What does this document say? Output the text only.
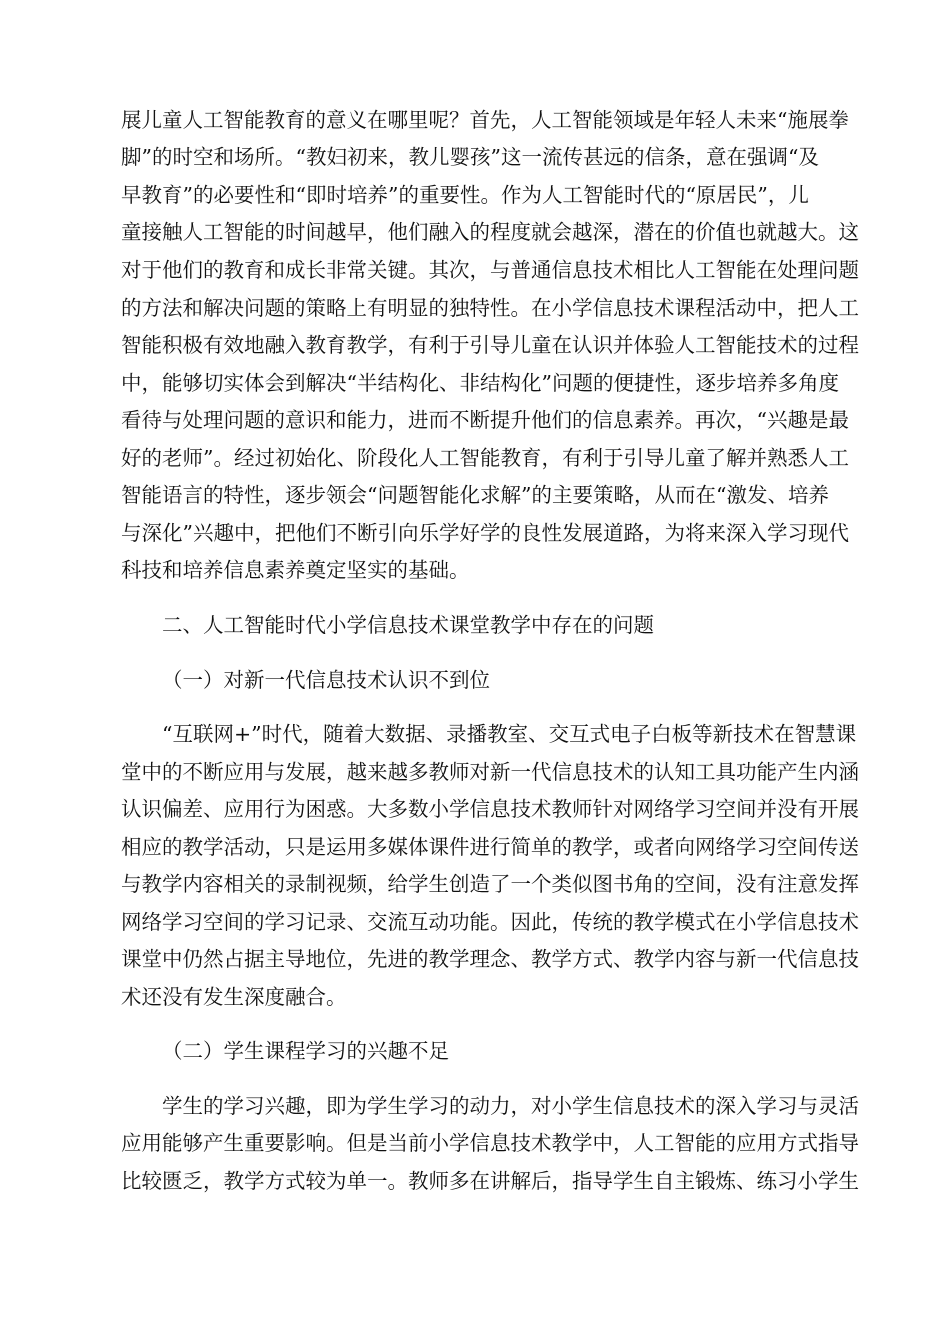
展儿童人工智能教育的意义在哪里呢？首先，人工智能领域是年轻人未来“施展拳

脚”的时空和场所。“教妇初来，教儿婴孩”这一流传甚远的信条，意在强调“及

早教育”的必要性和“即时培养”的重要性。作为人工智能时代的“原居民”，儿

童接触人工智能的时间越早，他们融入的程度就会越深，潜在的价值也就越大。这

对于他们的教育和成长非常关键。其次，与普通信息技术相比人工智能在处理问题

的方法和解决问题的策略上有明显的独特性。在小学信息技术课程活动中，把人工

智能积极有效地融入教育教学，有利于引导儿童在认识并体验人工智能技术的过程

中，能够切实体会到解决“半结构化、非结构化”问题的便捷性，逐步培养多角度

看待与处理问题的意识和能力，进而不断提升他们的信息素养。再次，“兴趣是最

好的老师”。经过初始化、阶段化人工智能教育，有利于引导儿童了解并熟悉人工

智能语言的特性，逐步领会“问题智能化求解”的主要策略，从而在“激发、培养

与深化”兴趣中，把他们不断引向乐学好学的良性发展道路，为将来深入学习现代

科技和培养信息素养奠定坚实的基础。

二、人工智能时代小学信息技术课堂教学中存在的问题

（一）对新一代信息技术认识不到位

“互联网+”时代，随着大数据、录播教室、交互式电子白板等新技术在智慧课

堂中的不断应用与发展，越来越多教师对新一代信息技术的认知工具功能产生内涵

认识偏差、应用行为困惑。大多数小学信息技术教师针对网络学习空间并没有开展

相应的教学活动，只是运用多媒体课件进行简单的教学，或者向网络学习空间传送

与教学内容相关的录制视频，给学生创造了一个类似图书角的空间，没有注意发挥

网络学习空间的学习记录、交流互动功能。因此，传统的教学模式在小学信息技术

课堂中仍然占据主导地位，先进的教学理念、教学方式、教学内容与新一代信息技

术还没有发生深度融合。

（二）学生课程学习的兴趣不足

学生的学习兴趣，即为学生学习的动力，对小学生信息技术的深入学习与灵活

应用能够产生重要影响。但是当前小学信息技术教学中，人工智能的应用方式指导

比较匮乏，教学方式较为单一。教师多在讲解后，指导学生自主锻炼、练习小学生
